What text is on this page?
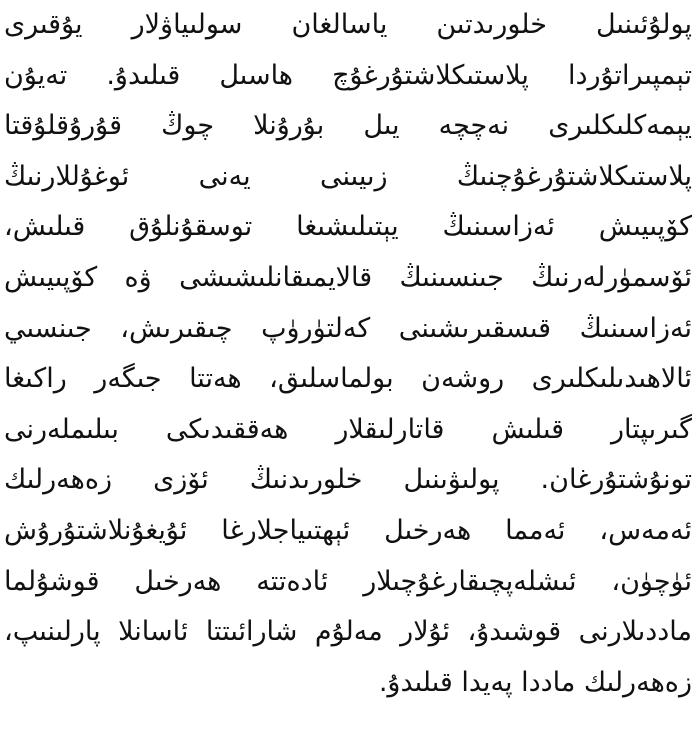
پولۇئىنىل خلورىدتىن ياسالغان سولىياۋلار يۇقىرى
تېمپىراتۇردا پلاستىكلاشتۇرغۇچ ھاسىل قىلىدۇ. تەيۇن
يېمەكلىكلىرى نەچچە يىل بۇرۇنلا چوڭ قۇرۇقلۇقتا
پلاستىكلاشتۇرغۇچنىڭ زىيىنى يەنى ئوغۇللارنىڭ
كۆپىيىش ئەزاسىنىڭ يېتىلىشىغا توسقۇنلۇق قىلىش،
ئۆسمۈرلەرنىڭ جىنسىنىڭ قالايمىقانلىشىشى ۋە كۆپىيىش
ئەزاسىنىڭ قىسقىرىشىنى كەلتۈرۈپ چىقىرىش، جىنسىي
ئالاھىدىلىكلىرى روشەن بولماسلىق، ھەتتا جىگەر راكىغا
گىرىپتار قىلىش قاتارلىقلار ھەققىدىكى بىلىملەرنى
تونۇشتۇرغان. پولىۋىنىل خلورىدنىڭ ئۆزى زەھەرلىك
ئەمەس، ئەمما ھەرخىل ئېھتىياجلارغا ئۇيغۇنلاشتۇرۇش
ئۈچۈن، ئىشلەپچىقارغۇچىلار ئادەتتە ھەرخىل قوشۇلما
ماددىلارنى قوشىدۇ، ئۇلار مەلۇم شارائىتتا ئاسانلا پارلىنىپ،
زەھەرلىك ماددا پەيدا قىلىدۇ.
